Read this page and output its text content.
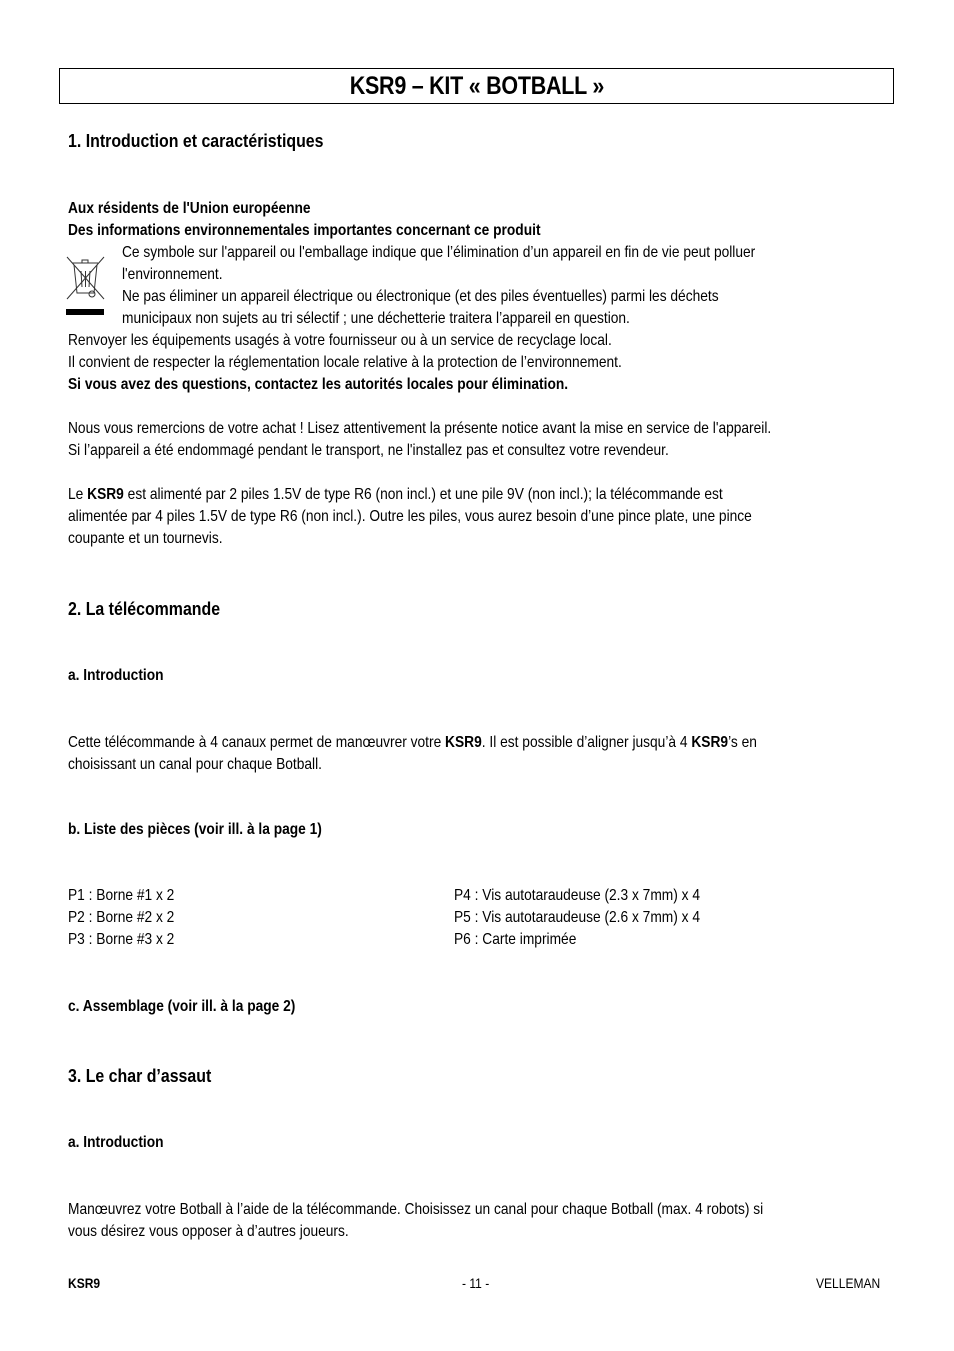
KSR9 – KIT « BOTBALL »
1. Introduction et caractéristiques
Aux résidents de l'Union européenne
Des informations environnementales importantes concernant ce produit
Ce symbole sur l'appareil ou l'emballage indique que l’élimination d’un appareil en fin de vie peut polluer
l'environnement.
Ne pas éliminer un appareil électrique ou électronique (et des piles éventuelles) parmi les déchets
municipaux non sujets au tri sélectif ; une déchetterie traitera l’appareil en question.
Renvoyer les équipements usagés à votre fournisseur ou à un service de recyclage local.
Il convient de respecter la réglementation locale relative à la protection de l’environnement.
Si vous avez des questions, contactez les autorités locales pour élimination.
Nous vous remercions de votre achat ! Lisez attentivement la présente notice avant la mise en service de l'appareil.
Si l’appareil a été endommagé pendant le transport, ne l'installez pas et consultez votre revendeur.
Le KSR9 est alimenté par 2 piles 1.5V de type R6 (non incl.) et une pile 9V (non incl.); la télécommande est
alimentée par 4 piles 1.5V de type R6 (non incl.). Outre les piles, vous aurez besoin d’une pince plate, une pince
coupante et un tournevis.
2. La télécommande
a. Introduction
Cette télécommande à 4 canaux permet de manœuvrer votre KSR9. Il est possible d’aligner jusqu’à 4 KSR9’s en
choisissant un canal pour chaque Botball.
b. Liste des pièces (voir ill. à la page 1)
P1 : Borne #1 x 2
P2 : Borne #2 x 2
P3 : Borne #3 x 2
P4 : Vis autotaraudeuse (2.3 x 7mm) x 4
P5 : Vis autotaraudeuse (2.6 x 7mm) x 4
P6 : Carte imprimée
c. Assemblage (voir ill. à la page 2)
3. Le char d’assaut
a. Introduction
Manœuvrez votre Botball à l’aide de la télécommande. Choisissez un canal pour chaque Botball (max. 4 robots) si
vous désirez vous opposer à d’autres joueurs.
KSR9	- 11 -	VELLEMAN
